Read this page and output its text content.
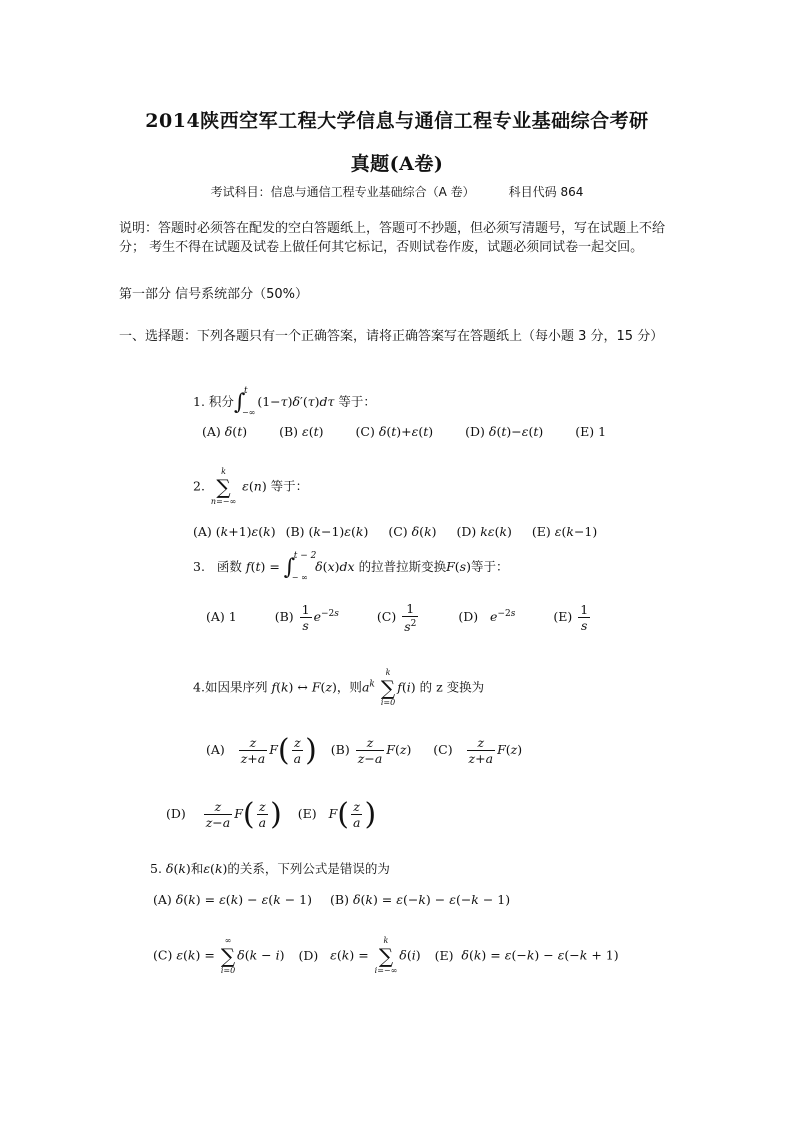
2014陕西空军工程大学信息与通信工程专业基础综合考研
真题(A卷)
考试科目：信息与通信工程专业基础综合（A 卷）	科目代码 864
说明：答题时必须答在配发的空白答题纸上，答题可不抄题，但必须写清题号，写在试题上不给分； 考生不得在试题及试卷上做任何其它标记，否则试卷作废，试题必须同试卷一起交回。
第一部分 信号系统部分（50%）
一、选择题：下列各题只有一个正确答案，请将正确答案写在答题纸上（每小题 3 分，15 分）
1. 积分∫
t
−∞
(1−τ)δ′(τ)dτ 等于：
(A) δ(t) (B) ε(t) (C) δ(t)+ε(t) (D) δ(t)−ε(t) (E) 1
2.
k
∑
n=−∞
ε(n) 等于：
(A) (k+1)ε(k) (B) (k−1)ε(k) (C) δ(k) (D) kε(k) (E) ε(k−1)
3. 函数 f(t) = ∫
t − 2
− ∞
δ(x)dx 的拉普拉斯变换F(s)等于：
(A) 1	$(B) \frac{1}{s} e^{-2s}$	$(C) \frac{1}{s^2}$	(D) $e^{-2s}$	$(E) \frac{1}{s}$
4.如因果序列 f(k) ↔ F(z)，则$a^k$
k
∑
i=0
f(i) 的 z 变换为
$(A) \frac{z}{z+a} F( \frac{z}{a}$ ) $(B) \frac{z}{z-a} F(z)$ $(C) \frac{z}{z+a} F(z)$
$(D) \frac{z}{z-a} F( \frac{z}{a}$ ) (E) $F( \frac{z}{a}$ )
5. δ(k)和ε(k)的关系，下列公式是错误的为
(A) δ(k) = ε(k) − ε(k − 1) (B) δ(k) = ε(−k) − ε(−k − 1)
(C) ε(k) =
∞
∑
i=0
δ(k − i) (D) ε(k) =
k
∑
i=−∞
δ(i) (E) δ(k) = ε(−k) − ε(−k + 1)
